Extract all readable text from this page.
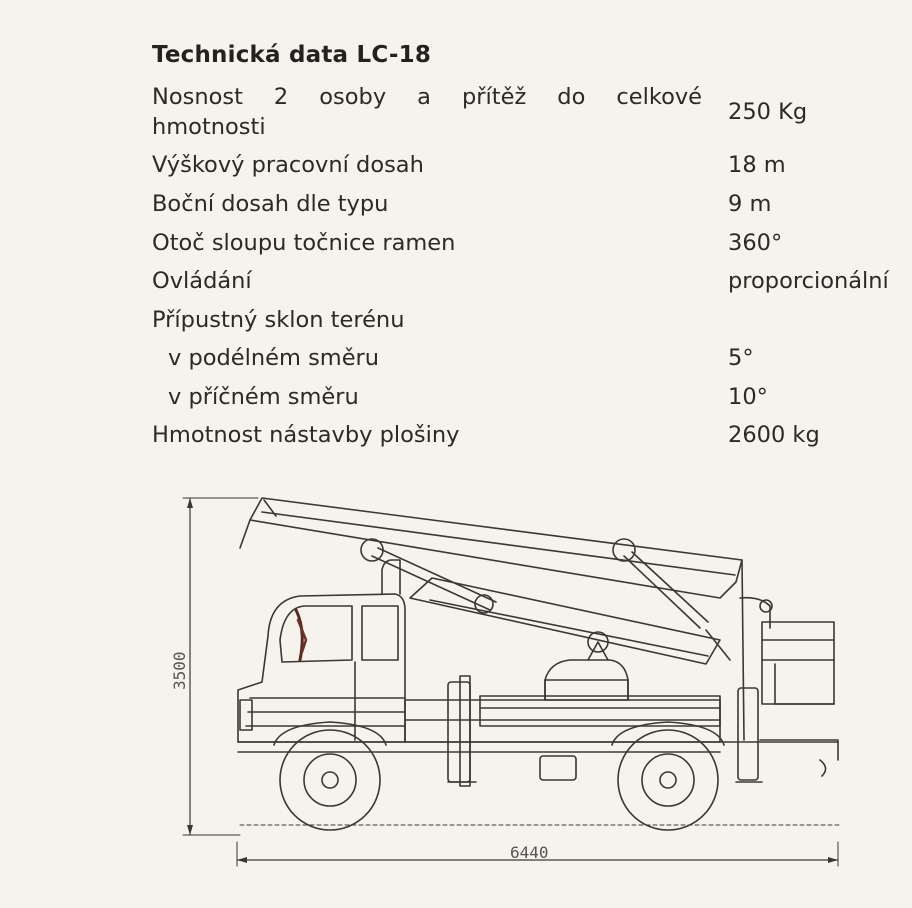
Technická data LC-18
Nosnost 2 osoby a přítěž do celkové
hmotnosti
250 Kg
Výškový pracovní dosah	18 m
Boční dosah dle typu	9 m
Otoč sloupu točnice ramen	360°
Ovládání	proporcionální
Přípustný sklon terénu
v podélném směru	5°
v příčném směru	10°
Hmotnost nástavby plošiny	2600 kg
3500
6440
